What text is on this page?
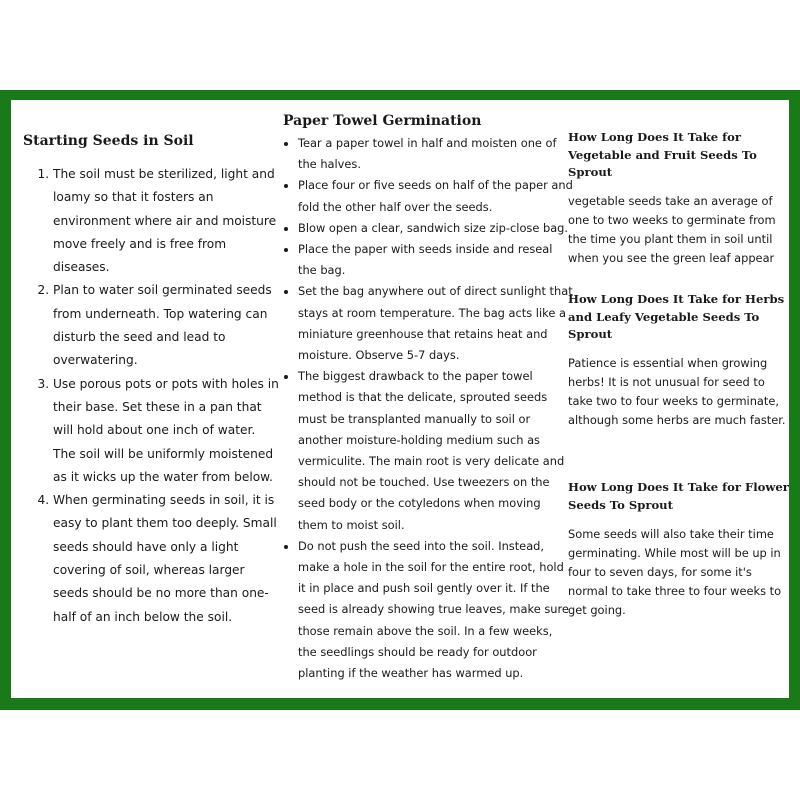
Starting Seeds in Soil
1. The soil must be sterilized, light and loamy so that it fosters an environment where air and moisture move freely and is free from diseases.
2. Plan to water soil germinated seeds from underneath. Top watering can disturb the seed and lead to overwatering.
3. Use porous pots or pots with holes in their base. Set these in a pan that will hold about one inch of water. The soil will be uniformly moistened as it wicks up the water from below.
4. When germinating seeds in soil, it is easy to plant them too deeply. Small seeds should have only a light covering of soil, whereas larger seeds should be no more than one-half of an inch below the soil.
Paper Towel Germination
• Tear a paper towel in half and moisten one of the halves.
• Place four or five seeds on half of the paper and fold the other half over the seeds.
• Blow open a clear, sandwich size zip-close bag.
• Place the paper with seeds inside and reseal the bag.
• Set the bag anywhere out of direct sunlight that stays at room temperature. The bag acts like a miniature greenhouse that retains heat and moisture. Observe 5-7 days.
• The biggest drawback to the paper towel method is that the delicate, sprouted seeds must be transplanted manually to soil or another moisture-holding medium such as vermiculite. The main root is very delicate and should not be touched. Use tweezers on the seed body or the cotyledons when moving them to moist soil.
• Do not push the seed into the soil. Instead, make a hole in the soil for the entire root, hold it in place and push soil gently over it. If the seed is already showing true leaves, make sure those remain above the soil. In a few weeks, the seedlings should be ready for outdoor planting if the weather has warmed up.
How Long Does It Take for Vegetable and Fruit Seeds To Sprout

vegetable seeds take an average of one to two weeks to germinate from the time you plant them in soil until when you see the green leaf appear

How Long Does It Take for Herbs and Leafy Vegetable Seeds To Sprout

Patience is essential when growing herbs! It is not unusual for seed to take two to four weeks to germinate, although some herbs are much faster.

How Long Does It Take for Flower Seeds To Sprout

Some seeds will also take their time germinating. While most will be up in four to seven days, for some it's normal to take three to four weeks to get going.
